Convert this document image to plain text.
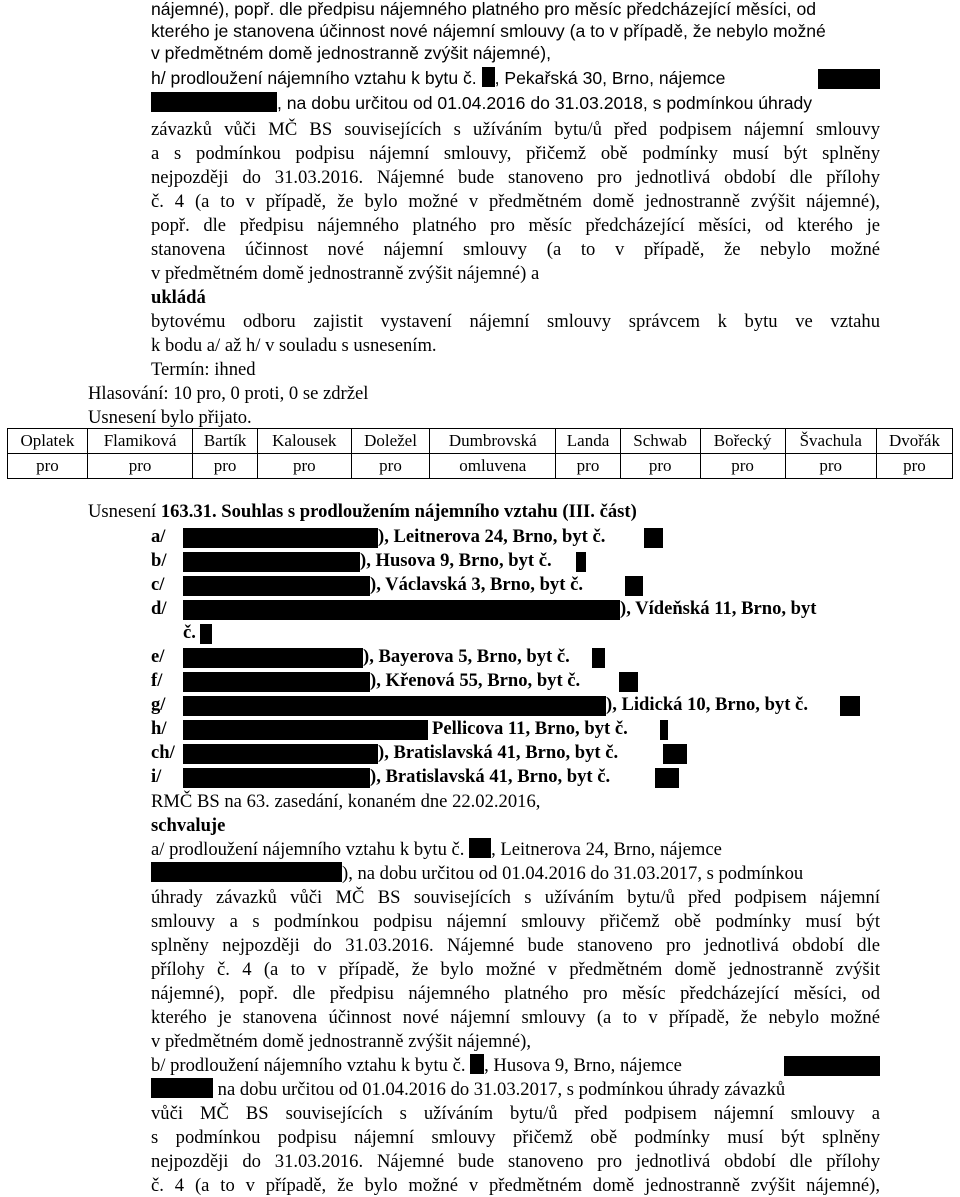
nájemné), popř. dle předpisu nájemného platného pro měsíc předcházející měsíci, od
kterého je stanovena účinnost nové nájemní smlouvy (a to v případě, že nebylo možné
v předmětném domě jednostranně zvýšit nájemné),
h/ prodloužení nájemního vztahu k bytu č. , Pekařská 30, Brno, nájemce
, na dobu určitou od 01.04.2016 do 31.03.2018, s podmínkou úhrady
závazků vůči MČ BS souvisejících s užíváním bytu/ů před podpisem nájemní smlouvy
a s podmínkou podpisu nájemní smlouvy, přičemž obě podmínky musí být splněny
nejpozději do 31.03.2016. Nájemné bude stanoveno pro jednotlivá období dle přílohy
č. 4 (a to v případě, že bylo možné v předmětném domě jednostranně zvýšit nájemné),
popř. dle předpisu nájemného platného pro měsíc předcházející měsíci, od kterého je
stanovena účinnost nové nájemní smlouvy (a to v případě, že nebylo možné
v předmětném domě jednostranně zvýšit nájemné) a
ukládá
bytovému odboru zajistit vystavení nájemní smlouvy správcem k bytu ve vztahu
k bodu a/ až h/ v souladu s usnesením.
Termín: ihned
Hlasování: 10 pro, 0 proti, 0 se zdržel
Usnesení bylo přijato.
Oplatek	Flamiková	Bartík	Kalousek	Doležel	Dumbrovská	Landa	Schwab	Bořecký	Švachula	Dvořák
pro	pro	pro	pro	pro	omluvena	pro	pro	pro	pro	pro
Usnesení 163.31. Souhlas s prodloužením nájemního vztahu (III. část)
a/	), Leitnerova 24, Brno, byt č.
b/	), Husova 9, Brno, byt č.
c/	), Václavská 3, Brno, byt č.
d/	), Vídeňská 11, Brno, byt
č.
e/	), Bayerova 5, Brno, byt č.
f/	), Křenová 55, Brno, byt č.
g/	), Lidická 10, Brno, byt č.
h/	Pellicova 11, Brno, byt č.
ch/	), Bratislavská 41, Brno, byt č.
i/	), Bratislavská 41, Brno, byt č.
RMČ BS na 63. zasedání, konaném dne 22.02.2016,
schvaluje
a/ prodloužení nájemního vztahu k bytu č. , Leitnerova 24, Brno, nájemce
), na dobu určitou od 01.04.2016 do 31.03.2017, s podmínkou
úhrady závazků vůči MČ BS souvisejících s užíváním bytu/ů před podpisem nájemní
smlouvy a s podmínkou podpisu nájemní smlouvy přičemž obě podmínky musí být
splněny nejpozději do 31.03.2016. Nájemné bude stanoveno pro jednotlivá období dle
přílohy č. 4 (a to v případě, že bylo možné v předmětném domě jednostranně zvýšit
nájemné), popř. dle předpisu nájemného platného pro měsíc předcházející měsíci, od
kterého je stanovena účinnost nové nájemní smlouvy (a to v případě, že nebylo možné
v předmětném domě jednostranně zvýšit nájemné),
b/ prodloužení nájemního vztahu k bytu č. , Husova 9, Brno, nájemce
na dobu určitou od 01.04.2016 do 31.03.2017, s podmínkou úhrady závazků
vůči MČ BS souvisejících s užíváním bytu/ů před podpisem nájemní smlouvy a
s podmínkou podpisu nájemní smlouvy přičemž obě podmínky musí být splněny
nejpozději do 31.03.2016. Nájemné bude stanoveno pro jednotlivá období dle přílohy
č. 4 (a to v případě, že bylo možné v předmětném domě jednostranně zvýšit nájemné),
